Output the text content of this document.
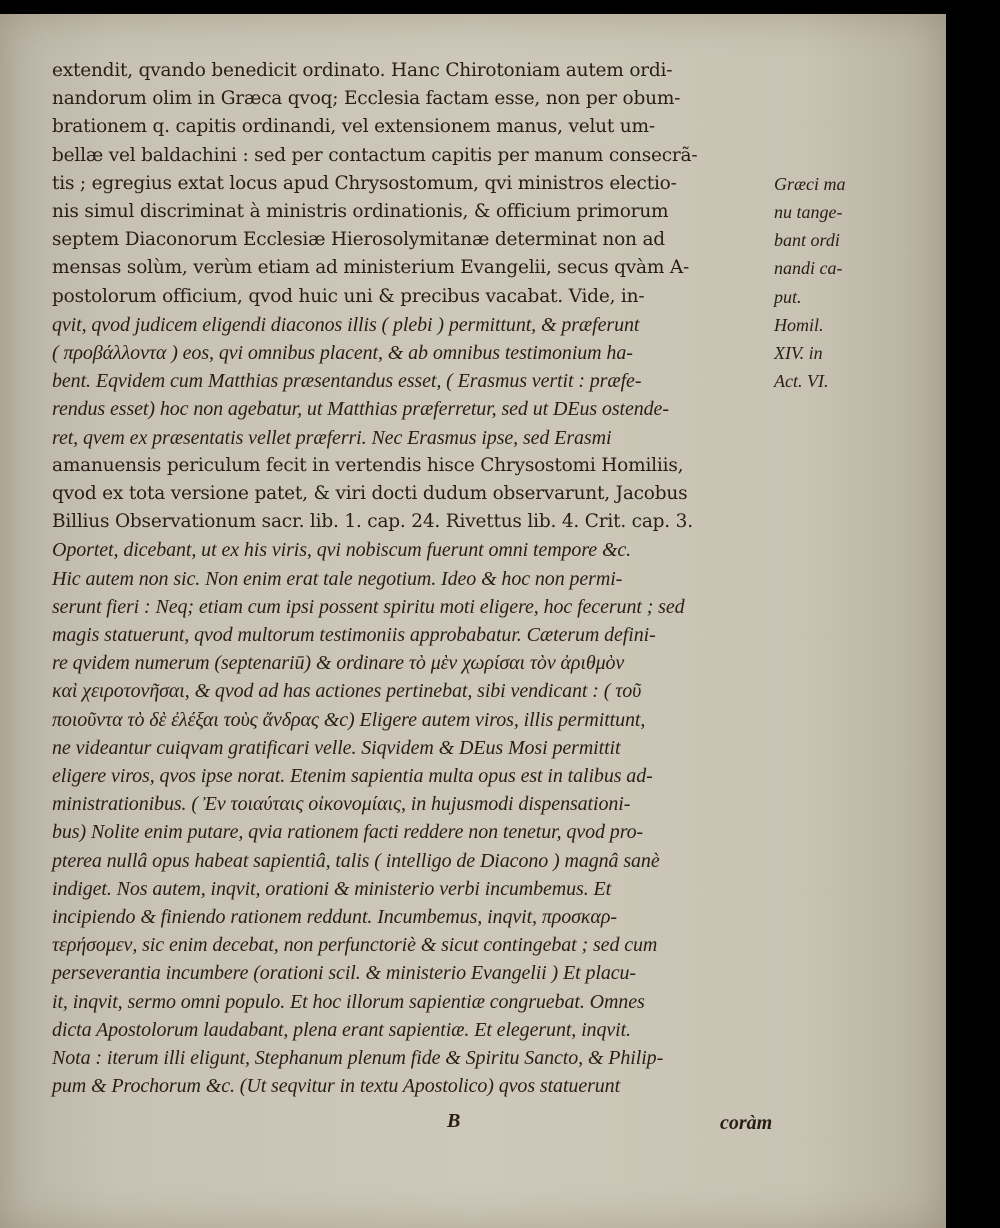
extendit, qvando benedicit ordinato. Hanc Chirotoniam autem ordi-
nandorum olim in Græca qvoq; Ecclesia factam esse, non per obum-
brationem q. capitis ordinandi, vel extensionem manus, velut um-
bellæ vel baldachini : sed per contactum capitis per manum consecrã-
tis ; egregius extat locus apud Chrysostomum, qvi ministros electio-
nis simul discriminat à ministris ordinationis, & officium primorum
septem Diaconorum Ecclesiæ Hierosolymitanæ determinat non ad
mensas solùm, verùm etiam ad ministerium Evangelii, secus qvàm A-
postolorum officium, qvod huic uni & precibus vacabat. Vide, in-
qvit, qvod judicem eligendi diaconos illis ( plebi ) permittunt, & præferunt
( προβάλλοντα ) eos, qvi omnibus placent, & ab omnibus testimonium ha-
bent. Eqvidem cum Matthias præsentandus esset, ( Erasmus vertit : præfe-
rendus esset) hoc non agebatur, ut Matthias præferretur, sed ut DEus ostende-
ret, qvem ex præsentatis vellet præferri. Nec Erasmus ipse, sed Erasmi
amanuensis periculum fecit in vertendis hisce Chrysostomi Homiliis,
qvod ex tota versione patet, & viri docti dudum observarunt, Jacobus
Billius Observationum sacr. lib. 1. cap. 24. Rivettus lib. 4. Crit. cap. 3.
Oportet, dicebant, ut ex his viris, qvi nobiscum fuerunt omni tempore &c.
Hic autem non sic. Non enim erat tale negotium. Ideo & hoc non permi-
serunt fieri : Neq; etiam cum ipsi possent spiritu moti eligere, hoc fecerunt ; sed
magis statuerunt, qvod multorum testimoniis approbabatur. Cæterum defini-
re qvidem numerum (septenariū) & ordinare τὸ μὲν χωρίσαι τὸν ἀριθμὸν
καὶ χειροτονῆσαι, & qvod ad has actiones pertinebat, sibi vendicant : ( τοῦ
ποιοῦντα τὸ δὲ ἐλέξαι τοὺς ἄνδρας &c) Eligere autem viros, illis permittunt,
ne videantur cuiqvam gratificari velle. Siqvidem & DEus Mosi permittit
eligere viros, qvos ipse norat. Etenim sapientia multa opus est in talibus ad-
ministrationibus. ( Ἐν τοιαύταις οἰκονομίαις, in hujusmodi dispensationi-
bus) Nolite enim putare, qvia rationem facti reddere non tenetur, qvod pro-
pterea nullâ opus habeat sapientiâ, talis ( intelligo de Diacono ) magnâ sanè
indiget. Nos autem, inqvit, orationi & ministerio verbi incumbemus. Et
incipiendo & finiendo rationem reddunt. Incumbemus, inqvit, προσκαρ-
τερήσομεν, sic enim decebat, non perfunctoriè & sicut contingebat ; sed cum
perseverantia incumbere (orationi scil. & ministerio Evangelii ) Et placu-
it, inqvit, sermo omni populo. Et hoc illorum sapientiæ congruebat. Omnes
dicta Apostolorum laudabant, plena erant sapientiæ. Et elegerunt, inqvit.
Nota : iterum illi eligunt, Stephanum plenum fide & Spiritu Sancto, & Philip-
pum & Prochorum &c. (Ut seqvitur in textu Apostolico) qvos statuerunt
Græci ma
nu tange-
bant ordi
nandi ca-
put.
Homil.
XIV. in
Act. VI.
B	coràm
